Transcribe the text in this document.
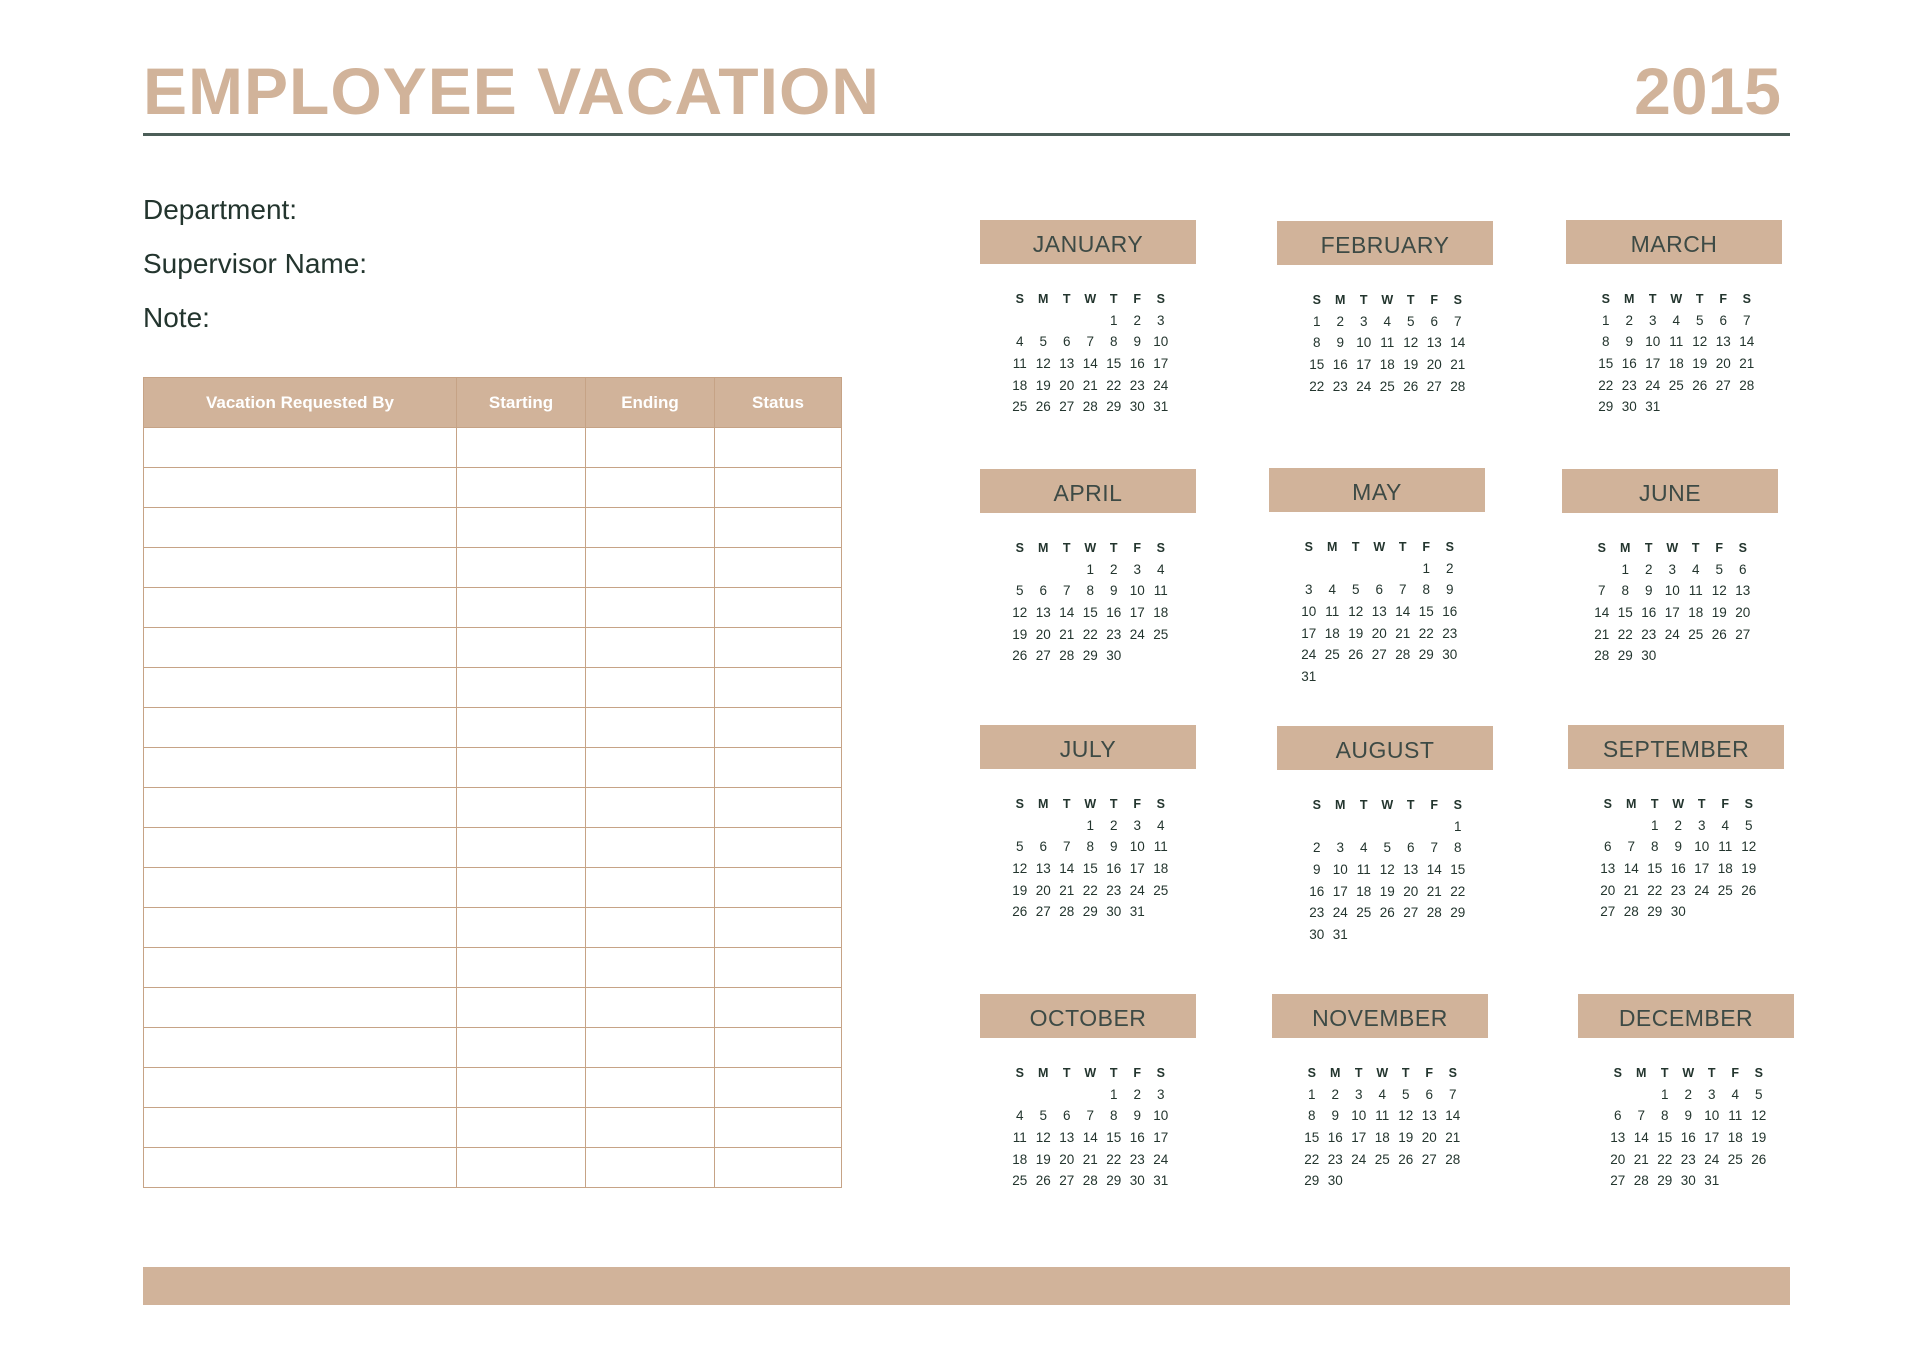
EMPLOYEE VACATION	2015
Department:
Supervisor Name:
Note:
Vacation Requested By	Starting	Ending	Status

JANUARY
S	M	T	W	T	F	S
				1	2	3
4	5	6	7	8	9	10
11	12	13	14	15	16	17
18	19	20	21	22	23	24
25	26	27	28	29	30	31
FEBRUARY
S	M	T	W	T	F	S
1	2	3	4	5	6	7
8	9	10	11	12	13	14
15	16	17	18	19	20	21
22	23	24	25	26	27	28
MARCH
S	M	T	W	T	F	S
1	2	3	4	5	6	7
8	9	10	11	12	13	14
15	16	17	18	19	20	21
22	23	24	25	26	27	28
29	30	31				
APRIL
S	M	T	W	T	F	S
			1	2	3	4
5	6	7	8	9	10	11
12	13	14	15	16	17	18
19	20	21	22	23	24	25
26	27	28	29	30		
MAY
S	M	T	W	T	F	S
					1	2
3	4	5	6	7	8	9
10	11	12	13	14	15	16
17	18	19	20	21	22	23
24	25	26	27	28	29	30
31						
JUNE
S	M	T	W	T	F	S
	1	2	3	4	5	6
7	8	9	10	11	12	13
14	15	16	17	18	19	20
21	22	23	24	25	26	27
28	29	30				
JULY
S	M	T	W	T	F	S
			1	2	3	4
5	6	7	8	9	10	11
12	13	14	15	16	17	18
19	20	21	22	23	24	25
26	27	28	29	30	31	
AUGUST
S	M	T	W	T	F	S
						1
2	3	4	5	6	7	8
9	10	11	12	13	14	15
16	17	18	19	20	21	22
23	24	25	26	27	28	29
30	31					
SEPTEMBER
S	M	T	W	T	F	S
		1	2	3	4	5
6	7	8	9	10	11	12
13	14	15	16	17	18	19
20	21	22	23	24	25	26
27	28	29	30			
OCTOBER
S	M	T	W	T	F	S
				1	2	3
4	5	6	7	8	9	10
11	12	13	14	15	16	17
18	19	20	21	22	23	24
25	26	27	28	29	30	31
NOVEMBER
S	M	T	W	T	F	S
1	2	3	4	5	6	7
8	9	10	11	12	13	14
15	16	17	18	19	20	21
22	23	24	25	26	27	28
29	30					
DECEMBER
S	M	T	W	T	F	S
		1	2	3	4	5
6	7	8	9	10	11	12
13	14	15	16	17	18	19
20	21	22	23	24	25	26
27	28	29	30	31		
